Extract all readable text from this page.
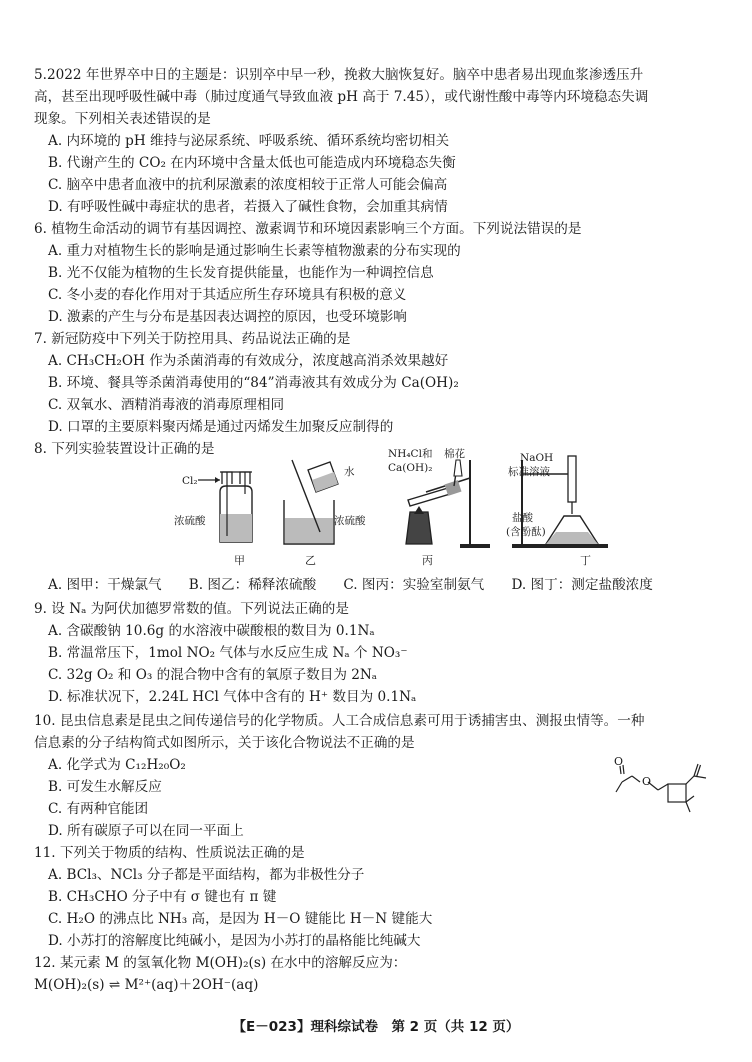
5.2022 年世界卒中日的主题是：识别卒中早一秒，挽救大脑恢复好。脑卒中患者易出现血浆渗透压升
高，甚至出现呼吸性碱中毒（肺过度通气导致血液 pH 高于 7.45），或代谢性酸中毒等内环境稳态失调
现象。下列相关表述错误的是
A. 内环境的 pH 维持与泌尿系统、呼吸系统、循环系统均密切相关
B. 代谢产生的 CO₂ 在内环境中含量太低也可能造成内环境稳态失衡
C. 脑卒中患者血液中的抗利尿激素的浓度相较于正常人可能会偏高
D. 有呼吸性碱中毒症状的患者，若摄入了碱性食物，会加重其病情
6. 植物生命活动的调节有基因调控、激素调节和环境因素影响三个方面。下列说法错误的是
A. 重力对植物生长的影响是通过影响生长素等植物激素的分布实现的
B. 光不仅能为植物的生长发育提供能量，也能作为一种调控信息
C. 冬小麦的春化作用对于其适应所生存环境具有积极的意义
D. 激素的产生与分布是基因表达调控的原因，也受环境影响
7. 新冠防疫中下列关于防控用具、药品说法正确的是
A. CH₃CH₂OH 作为杀菌消毒的有效成分，浓度越高消杀效果越好
B. 环境、餐具等杀菌消毒使用的“84”消毒液其有效成分为 Ca(OH)₂
C. 双氧水、酒精消毒液的消毒原理相同
D. 口罩的主要原料聚丙烯是通过丙烯发生加聚反应制得的
8. 下列实验装置设计正确的是
Cl₂
浓硫酸
甲
水
浓硫酸
乙
NH₄Cl和
Ca(OH)₂
棉花
丙
NaOH
标准溶液
盐酸
(含酚酞)
丁
A. 图甲：干燥氯气　　B. 图乙：稀释浓硫酸　　C. 图丙：实验室制氨气　　D. 图丁：测定盐酸浓度
9. 设 Nₐ 为阿伏加德罗常数的值。下列说法正确的是
A. 含碳酸钠 10.6g 的水溶液中碳酸根的数目为 0.1Nₐ
B. 常温常压下，1mol NO₂ 气体与水反应生成 Nₐ 个 NO₃⁻
C. 32g O₂ 和 O₃ 的混合物中含有的氧原子数目为 2Nₐ
D. 标准状况下，2.24L HCl 气体中含有的 H⁺ 数目为 0.1Nₐ
10. 昆虫信息素是昆虫之间传递信号的化学物质。人工合成信息素可用于诱捕害虫、测报虫情等。一种
信息素的分子结构简式如图所示，关于该化合物说法不正确的是
A. 化学式为 C₁₂H₂₀O₂
B. 可发生水解反应
C. 有两种官能团
D. 所有碳原子可以在同一平面上
O
O
11. 下列关于物质的结构、性质说法正确的是
A. BCl₃、NCl₃ 分子都是平面结构，都为非极性分子
B. CH₃CHO 分子中有 σ 键也有 π 键
C. H₂O 的沸点比 NH₃ 高，是因为 H－O 键能比 H－N 键能大
D. 小苏打的溶解度比纯碱小，是因为小苏打的晶格能比纯碱大
12. 某元素 M 的氢氧化物 M(OH)₂(s) 在水中的溶解反应为：
M(OH)₂(s) ⇌ M²⁺(aq)＋2OH⁻(aq)
【E－023】理科综试卷　第 2 页（共 12 页）
